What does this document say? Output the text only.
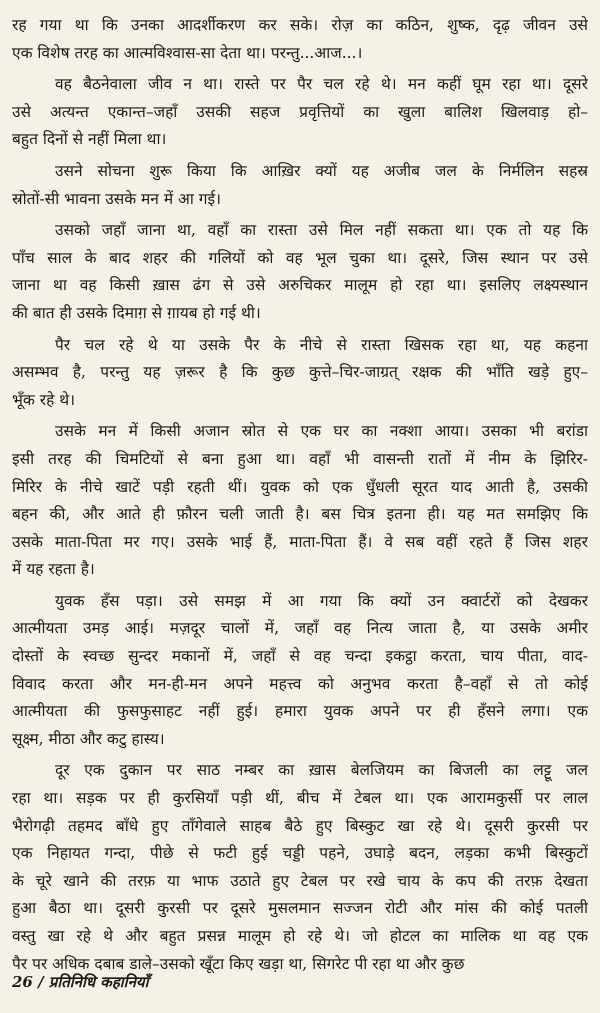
रह गया था कि उनका आदर्शीकरण कर सके। रोज़ का कठिन, शुष्क, दृढ़ जीवन उसे
एक विशेष तरह का आत्मविश्वास-सा देता था। परन्तु...आज...।
वह बैठनेवाला जीव न था। रास्ते पर पैर चल रहे थे। मन कहीं घूम रहा था। दूसरे
उसे अत्यन्त एकान्त–जहाँ उसकी सहज प्रवृत्तियों का खुला बालिश खिलवाड़ हो–
बहुत दिनों से नहीं मिला था।
उसने सोचना शुरू किया कि आख़िर क्यों यह अजीब जल के निर्मलिन सहस्र
स्रोतों-सी भावना उसके मन में आ गई।
उसको जहाँ जाना था, वहाँ का रास्ता उसे मिल नहीं सकता था। एक तो यह कि
पाँच साल के बाद शहर की गलियों को वह भूल चुका था। दूसरे, जिस स्थान पर उसे
जाना था वह किसी ख़ास ढंग से उसे अरुचिकर मालूम हो रहा था। इसलिए लक्ष्यस्थान
की बात ही उसके दिमाग़ से ग़ायब हो गई थी।
पैर चल रहे थे या उसके पैर के नीचे से रास्ता खिसक रहा था, यह कहना
असम्भव है, परन्तु यह ज़रूर है कि कुछ कुत्ते–चिर-जाग्रत् रक्षक की भाँति खड़े हुए–
भूँक रहे थे।
उसके मन में किसी अजान स्रोत से एक घर का नक्शा आया। उसका भी बरांडा
इसी तरह की चिमटियों से बना हुआ था। वहाँ भी वासन्ती रातों में नीम के झिरिर-
मिरिर के नीचे खाटें पड़ी रहती थीं। युवक को एक धुँधली सूरत याद आती है, उसकी
बहन की, और आते ही फ़ौरन चली जाती है। बस चित्र इतना ही। यह मत समझिए कि
उसके माता-पिता मर गए। उसके भाई हैं, माता-पिता हैं। वे सब वहीं रहते हैं जिस शहर
में यह रहता है।
युवक हँस पड़ा। उसे समझ में आ गया कि क्यों उन क्वार्टरों को देखकर
आत्मीयता उमड़ आई। मज़दूर चालों में, जहाँ वह नित्य जाता है, या उसके अमीर
दोस्तों के स्वच्छ सुन्दर मकानों में, जहाँ से वह चन्दा इकट्ठा करता, चाय पीता, वाद-
विवाद करता और मन-ही-मन अपने महत्त्व को अनुभव करता है–वहाँ से तो कोई
आत्मीयता की फुसफुसाहट नहीं हुई। हमारा युवक अपने पर ही हँसने लगा। एक
सूक्ष्म, मीठा और कटु हास्य।
दूर एक दुकान पर साठ नम्बर का ख़ास बेलजियम का बिजली का लट्टू जल
रहा था। सड़क पर ही कुरसियाँ पड़ी थीं, बीच में टेबल था। एक आरामकुर्सी पर लाल
भैरोगढ़ी तहमद बाँधे हुए ताँगेवाले साहब बैठे हुए बिस्कुट खा रहे थे। दूसरी कुरसी पर
एक निहायत गन्दा, पीछे से फटी हुई चड्डी पहने, उघाड़े बदन, लड़का कभी बिस्कुटों
के चूरे खाने की तरफ़ या भाफ उठाते हुए टेबल पर रखे चाय के कप की तरफ़ देखता
हुआ बैठा था। दूसरी कुरसी पर दूसरे मुसलमान सज्जन रोटी और मांस की कोई पतली
वस्तु खा रहे थे और बहुत प्रसन्न मालूम हो रहे थे। जो होटल का मालिक था वह एक
पैर पर अधिक दबाब डाले–उसको खूँटा किए खड़ा था, सिगरेट पी रहा था और कुछ
26 / प्रतिनिधि कहानियाँ
